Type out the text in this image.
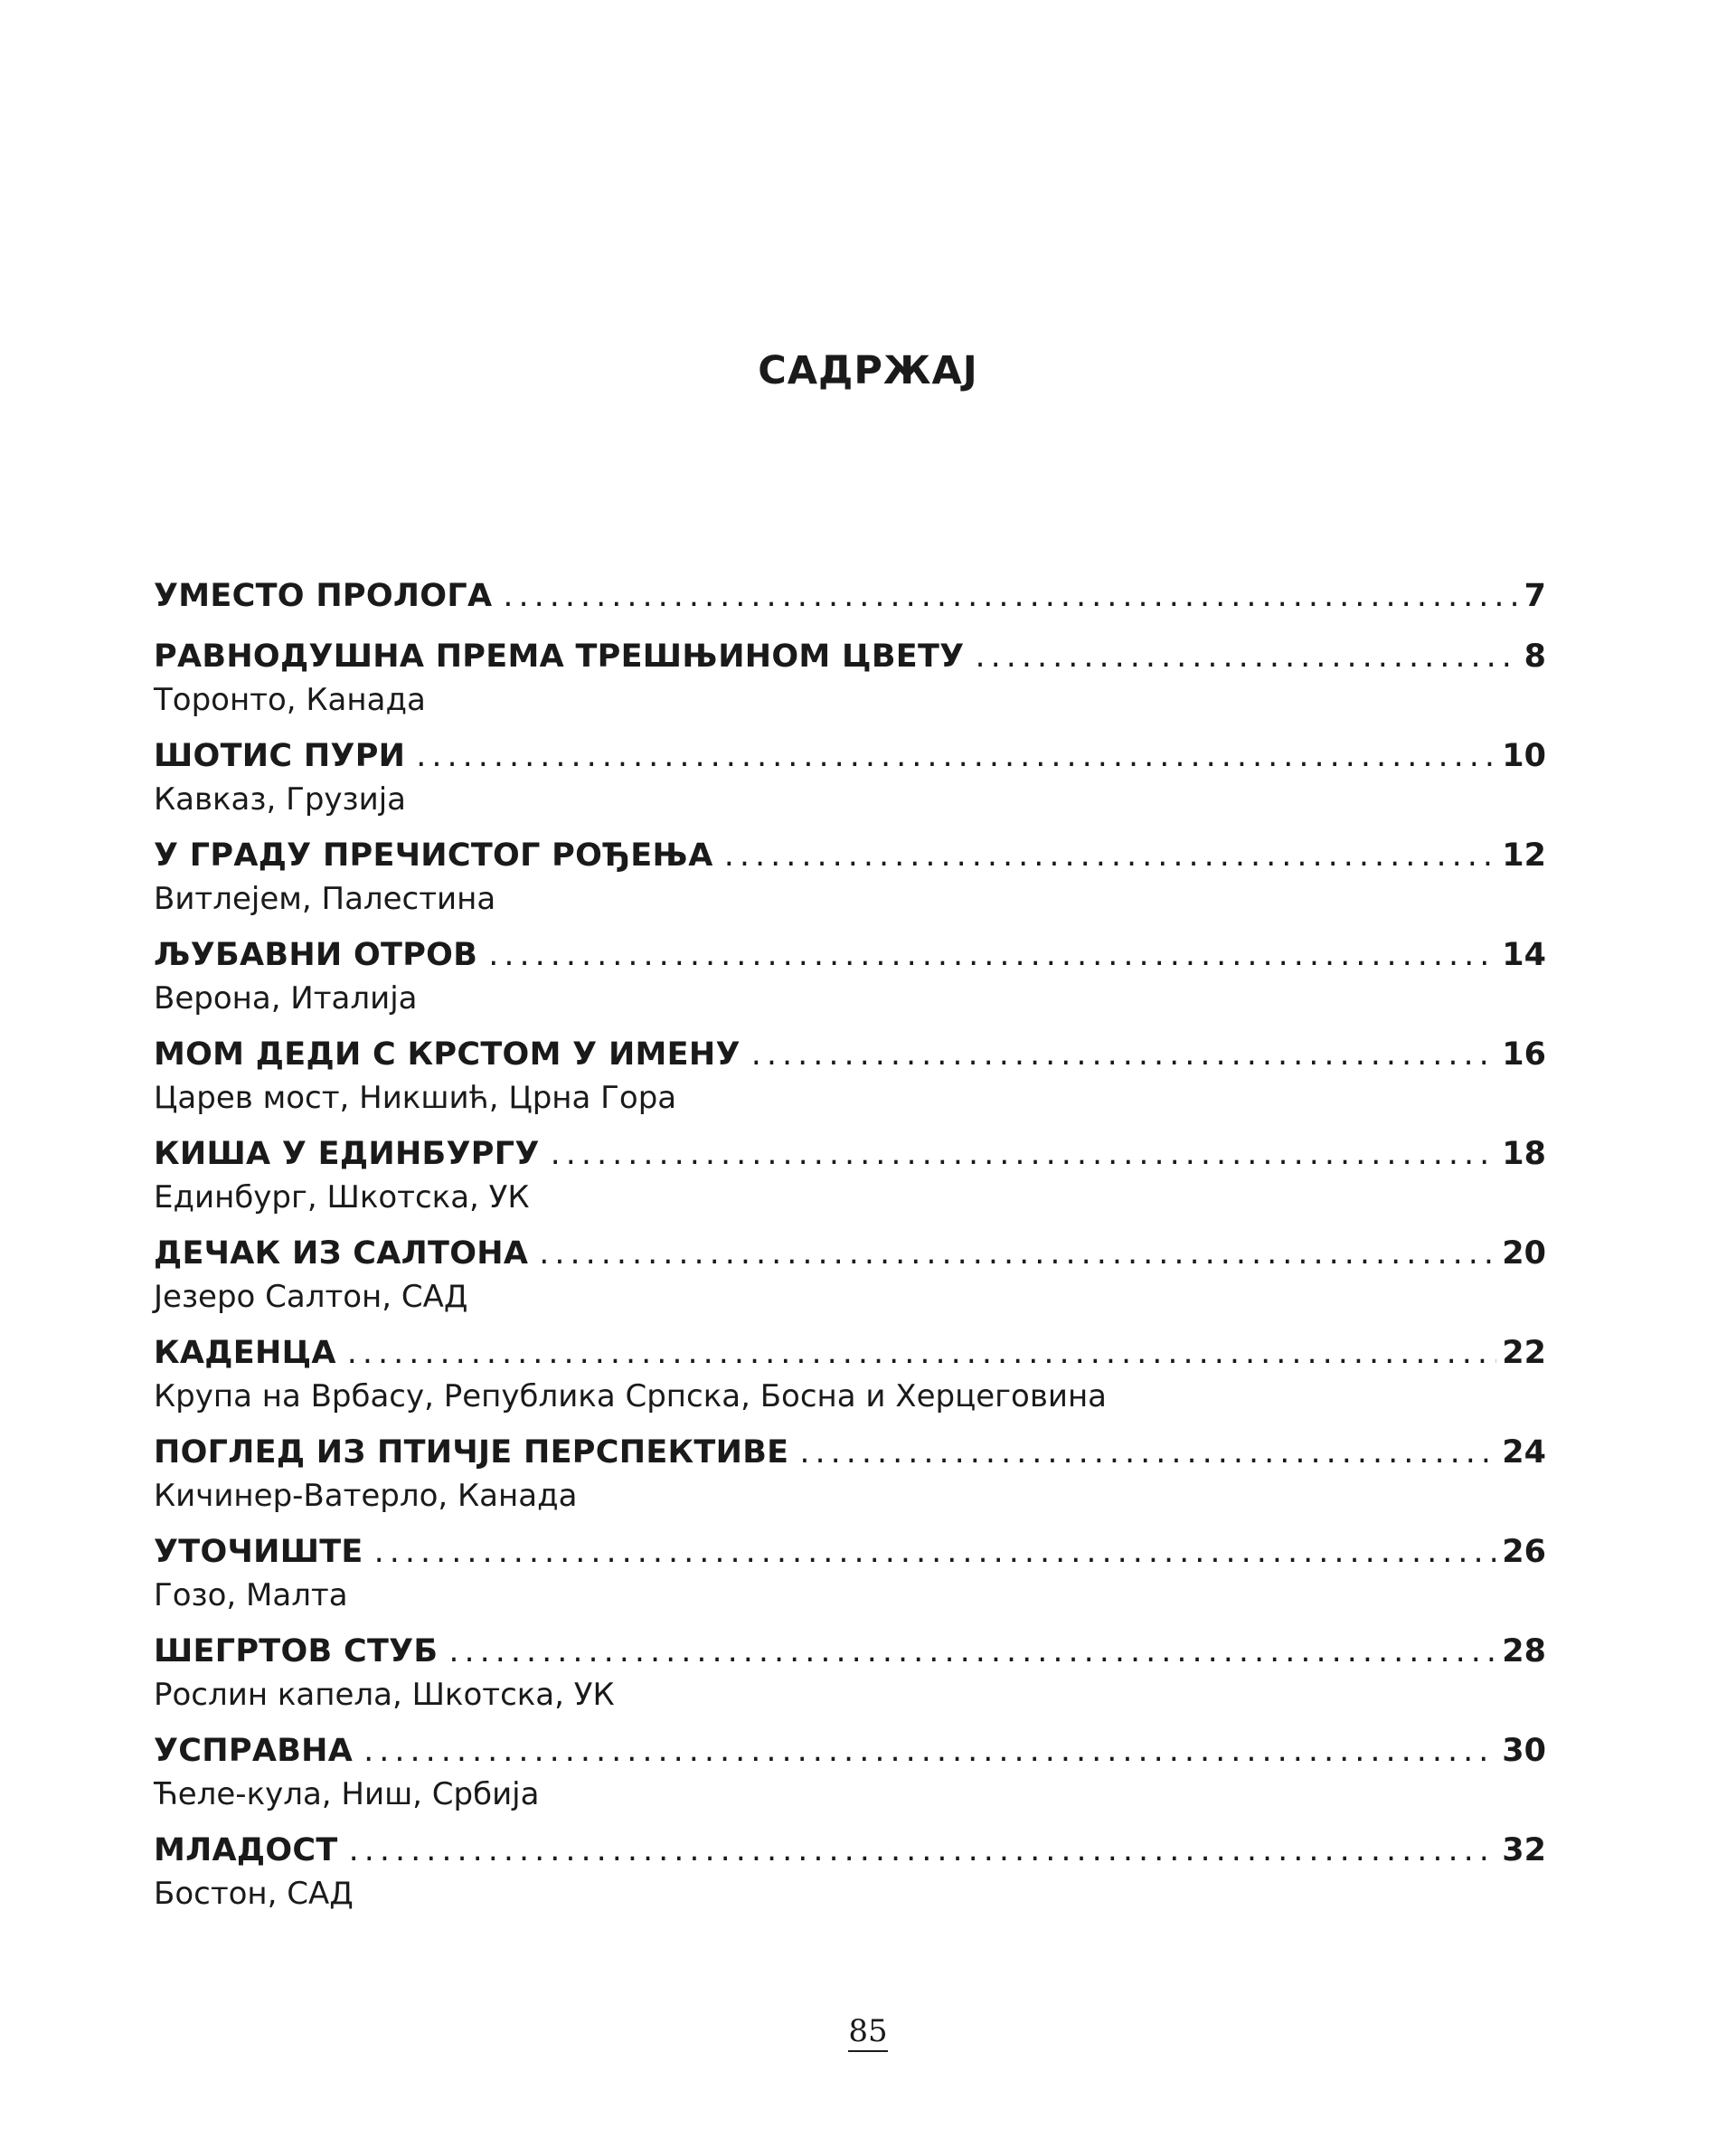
САДРЖАЈ
УМЕСТО ПРОЛОГА .....	7
РАВНОДУШНА ПРЕМА ТРЕШЊИНОМ ЦВЕТУ .....	8
Торонто, Канада
ШОТИС ПУРИ .....	10
Кавказ, Грузија
У ГРАДУ ПРЕЧИСТОГ РОЂЕЊА .....	12
Витлејем, Палестина
ЉУБАВНИ ОТРОВ .....	14
Верона, Италија
МОМ ДЕДИ С КРСТОМ У ИМЕНУ .....	16
Царев мост, Никшић, Црна Гора
КИША У ЕДИНБУРГУ .....	18
Единбург, Шкотска, УК
ДЕЧАК ИЗ САЛТОНА .....	20
Језеро Салтон, САД
КАДЕНЦА .....	22
Крупа на Врбасу, Република Српска, Босна и Херцеговина
ПОГЛЕД ИЗ ПТИЧЈЕ ПЕРСПЕКТИВЕ .....	24
Кичинер-Ватерло, Канада
УТОЧИШТЕ .....	26
Гозо, Малта
ШЕГРТОВ СТУБ .....	28
Рослин капела, Шкотска, УК
УСПРАВНА .....	30
Ћеле-кула, Ниш, Србија
МЛАДОСТ .....	32
Бостон, САД
85
